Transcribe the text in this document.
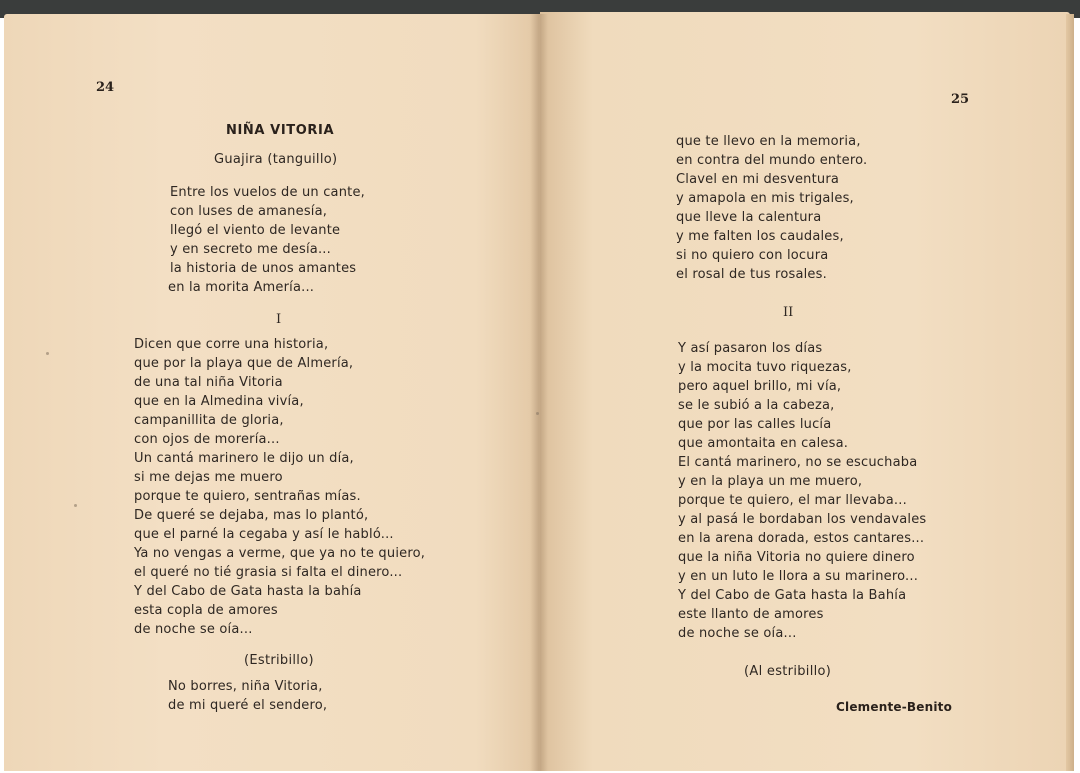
24
NIÑA VITORIA
Guajira (tanguillo)
Entre los vuelos de un cante,
con luses de amanesía,
llegó el viento de levante
y en secreto me desía...
la historia de unos amantes
en la morita Amería...
I
Dicen que corre una historia,
que por la playa que de Almería,
de una tal niña Vitoria
que en la Almedina vivía,
campanillita de gloria,
con ojos de morería...
Un cantá marinero le dijo un día,
si me dejas me muero
porque te quiero, sentrañas mías.
De queré se dejaba, mas lo plantó,
que el parné la cegaba y así le habló...
Ya no vengas a verme, que ya no te quiero,
el queré no tié grasia si falta el dinero...
Y del Cabo de Gata hasta la bahía
esta copla de amores
de noche se oía...
(Estribillo)
No borres, niña Vitoria,
de mi queré el sendero,
25
que te llevo en la memoria,
en contra del mundo entero.
Clavel en mi desventura
y amapola en mis trigales,
que lleve la calentura
y me falten los caudales,
si no quiero con locura
el rosal de tus rosales.
II
Y así pasaron los días
y la mocita tuvo riquezas,
pero aquel brillo, mi vía,
se le subió a la cabeza,
que por las calles lucía
que amontaita en calesa.
El cantá marinero, no se escuchaba
y en la playa un me muero,
porque te quiero, el mar llevaba...
y al pasá le bordaban los vendavales
en la arena dorada, estos cantares...
que la niña Vitoria no quiere dinero
y en un luto le llora a su marinero...
Y del Cabo de Gata hasta la Bahía
este llanto de amores
de noche se oía...
(Al estribillo)
Clemente-Benito
